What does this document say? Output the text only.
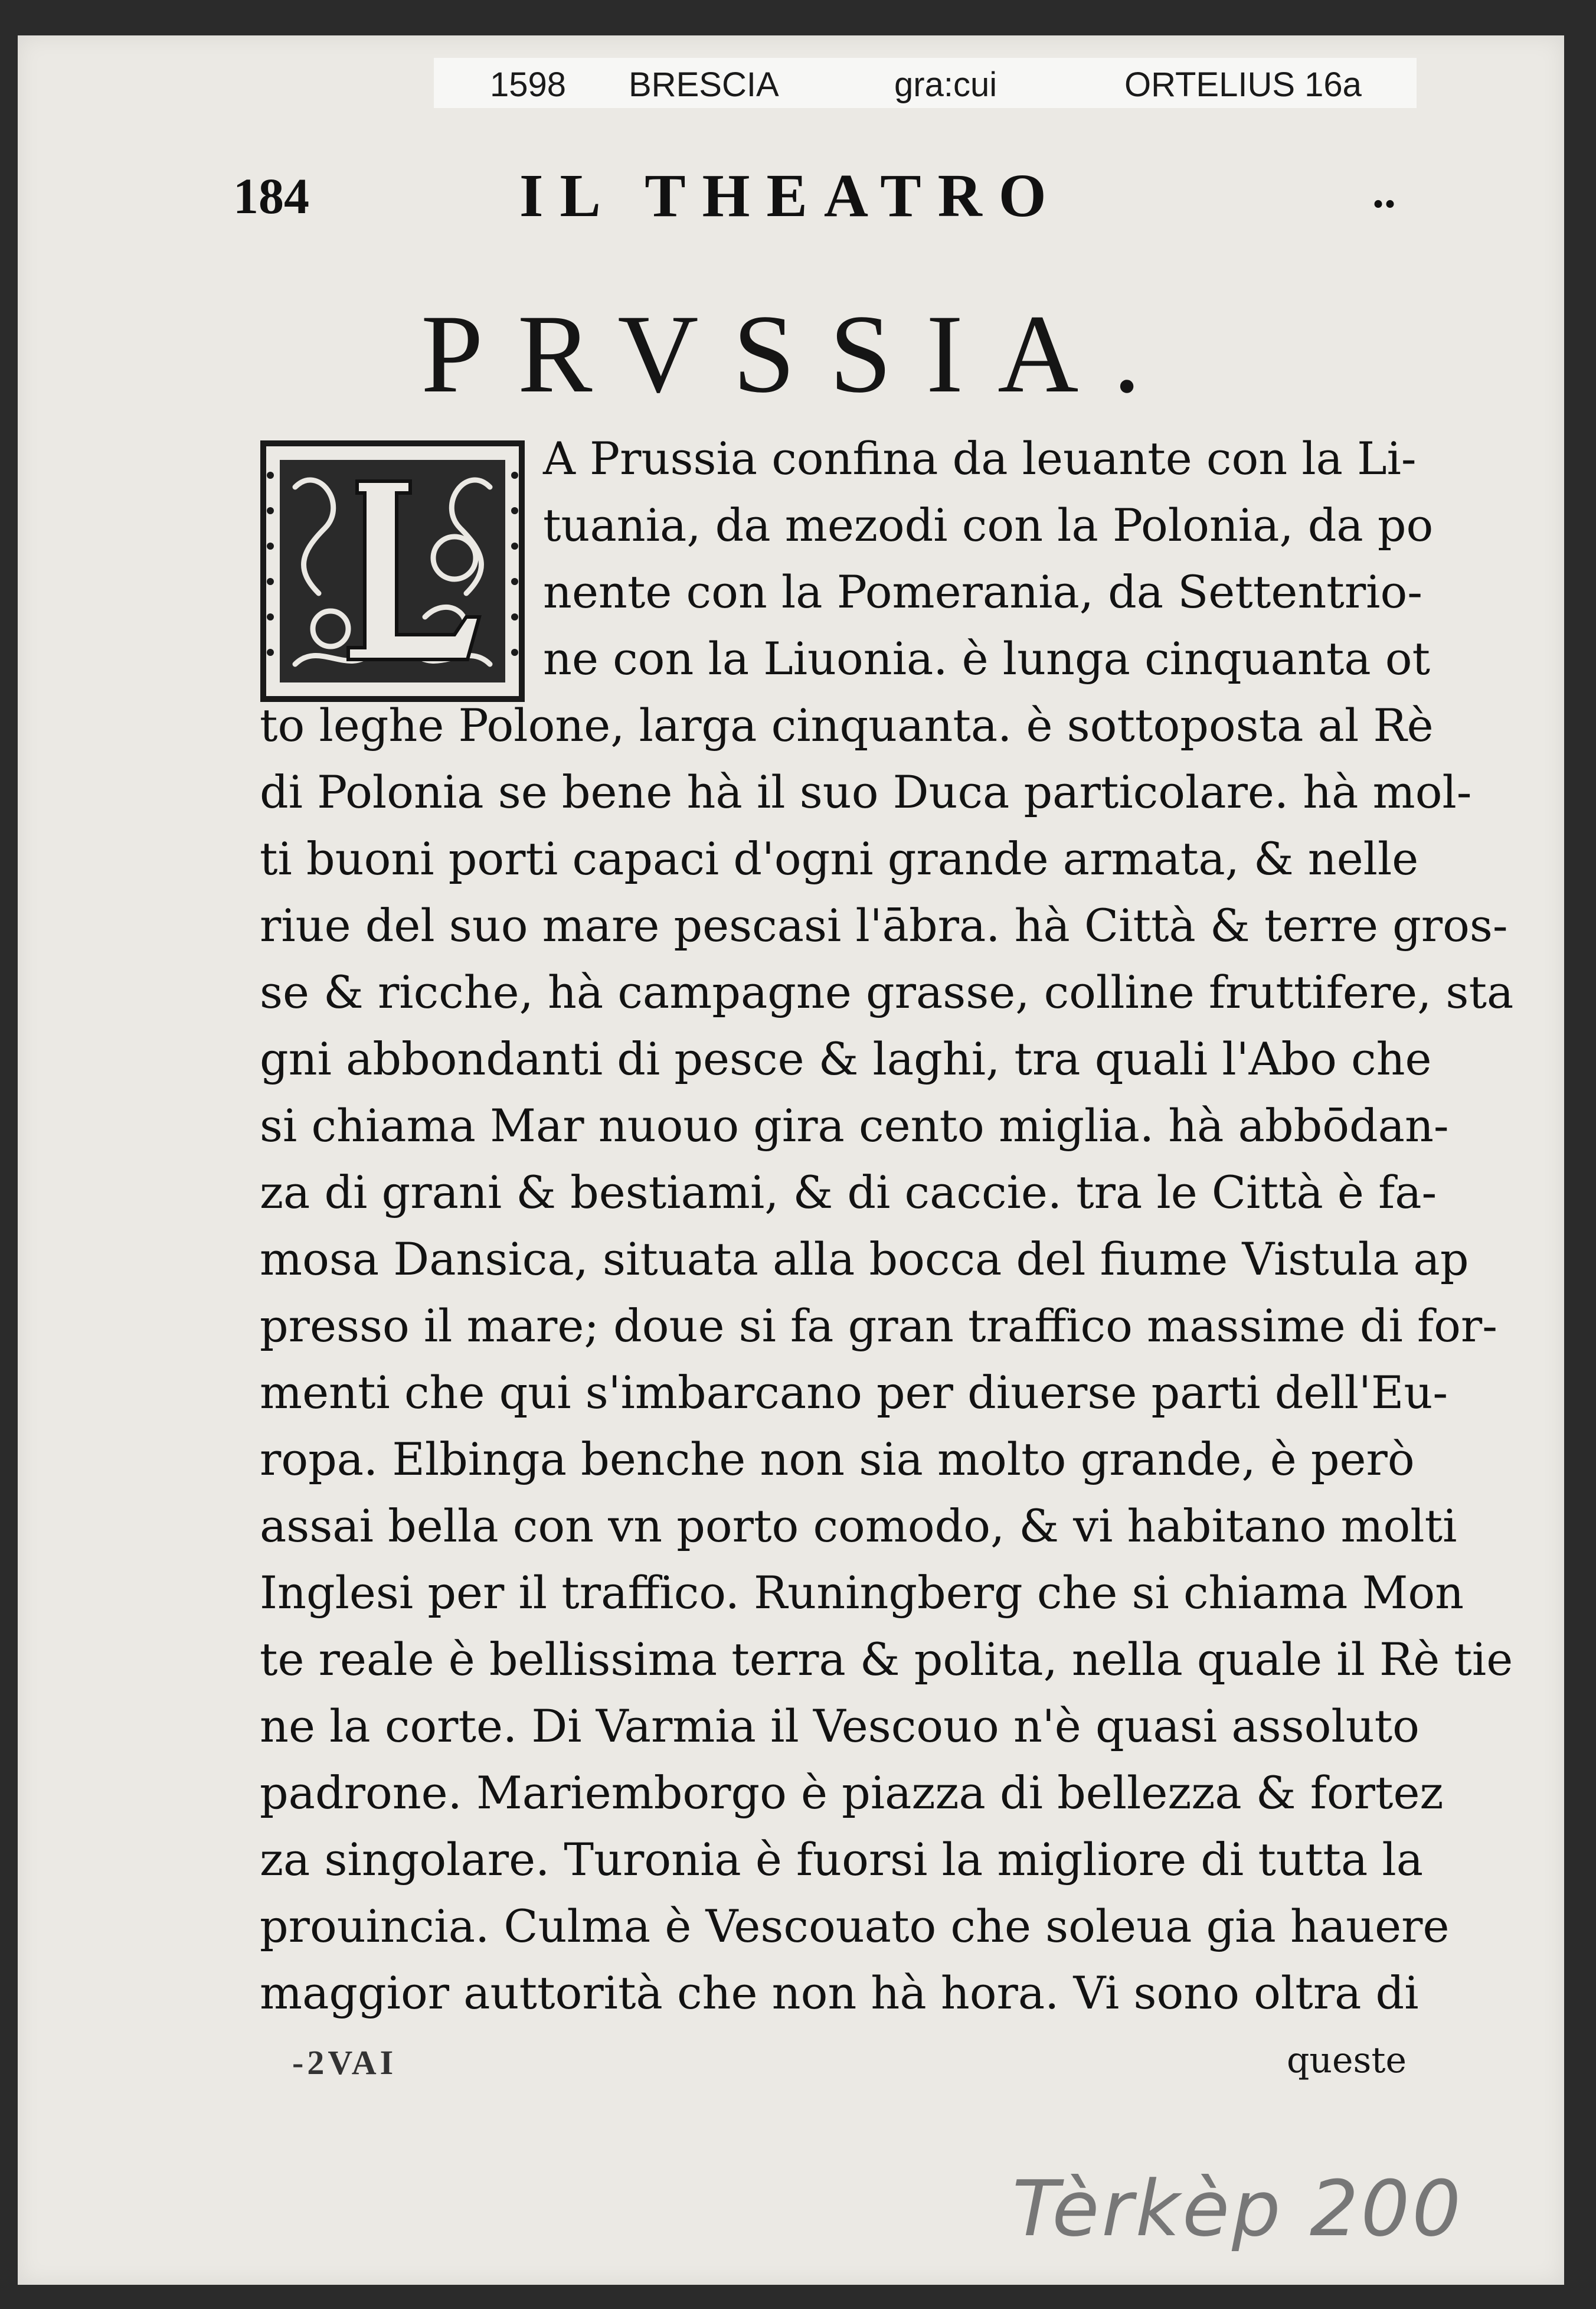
1598 BRESCIA	gra:cui	ORTELIUS 16a
184	IL THEATRO	..
PRVSSIA.
A Prussia confina da leuante con la Li-
tuania, da mezodi con la Polonia, da po
nente con la Pomerania, da Settentrio-
ne con la Liuonia. è lunga cinquanta ot
to leghe Polone, larga cinquanta. è sottoposta al Rè
di Polonia se bene hà il suo Duca particolare. hà mol-
ti buoni porti capaci d'ogni grande armata, & nelle
riue del suo mare pescasi l'ābra. hà Città & terre gros-
se & ricche, hà campagne grasse, colline fruttifere, sta
gni abbondanti di pesce & laghi, tra quali l'Abo che
si chiama Mar nuouo gira cento miglia. hà abbōdan-
za di grani & bestiami, & di caccie. tra le Città è fa-
mosa Dansica, situata alla bocca del fiume Vistula ap
presso il mare; doue si fa gran traffico massime di for-
menti che qui s'imbarcano per diuerse parti dell'Eu-
ropa. Elbinga benche non sia molto grande, è però
assai bella con vn porto comodo, & vi habitano molti
Inglesi per il traffico. Runingberg che si chiama Mon
te reale è bellissima terra & polita, nella quale il Rè tie
ne la corte. Di Varmia il Vescouo n'è quasi assoluto
padrone. Mariemborgo è piazza di bellezza & fortez
za singolare. Turonia è fuorsi la migliore di tutta la
prouincia. Culma è Vescouato che soleua gia hauere
maggior auttorità che non hà hora. Vi sono oltra di
-2VAI	queste
Tèrkèp 200
